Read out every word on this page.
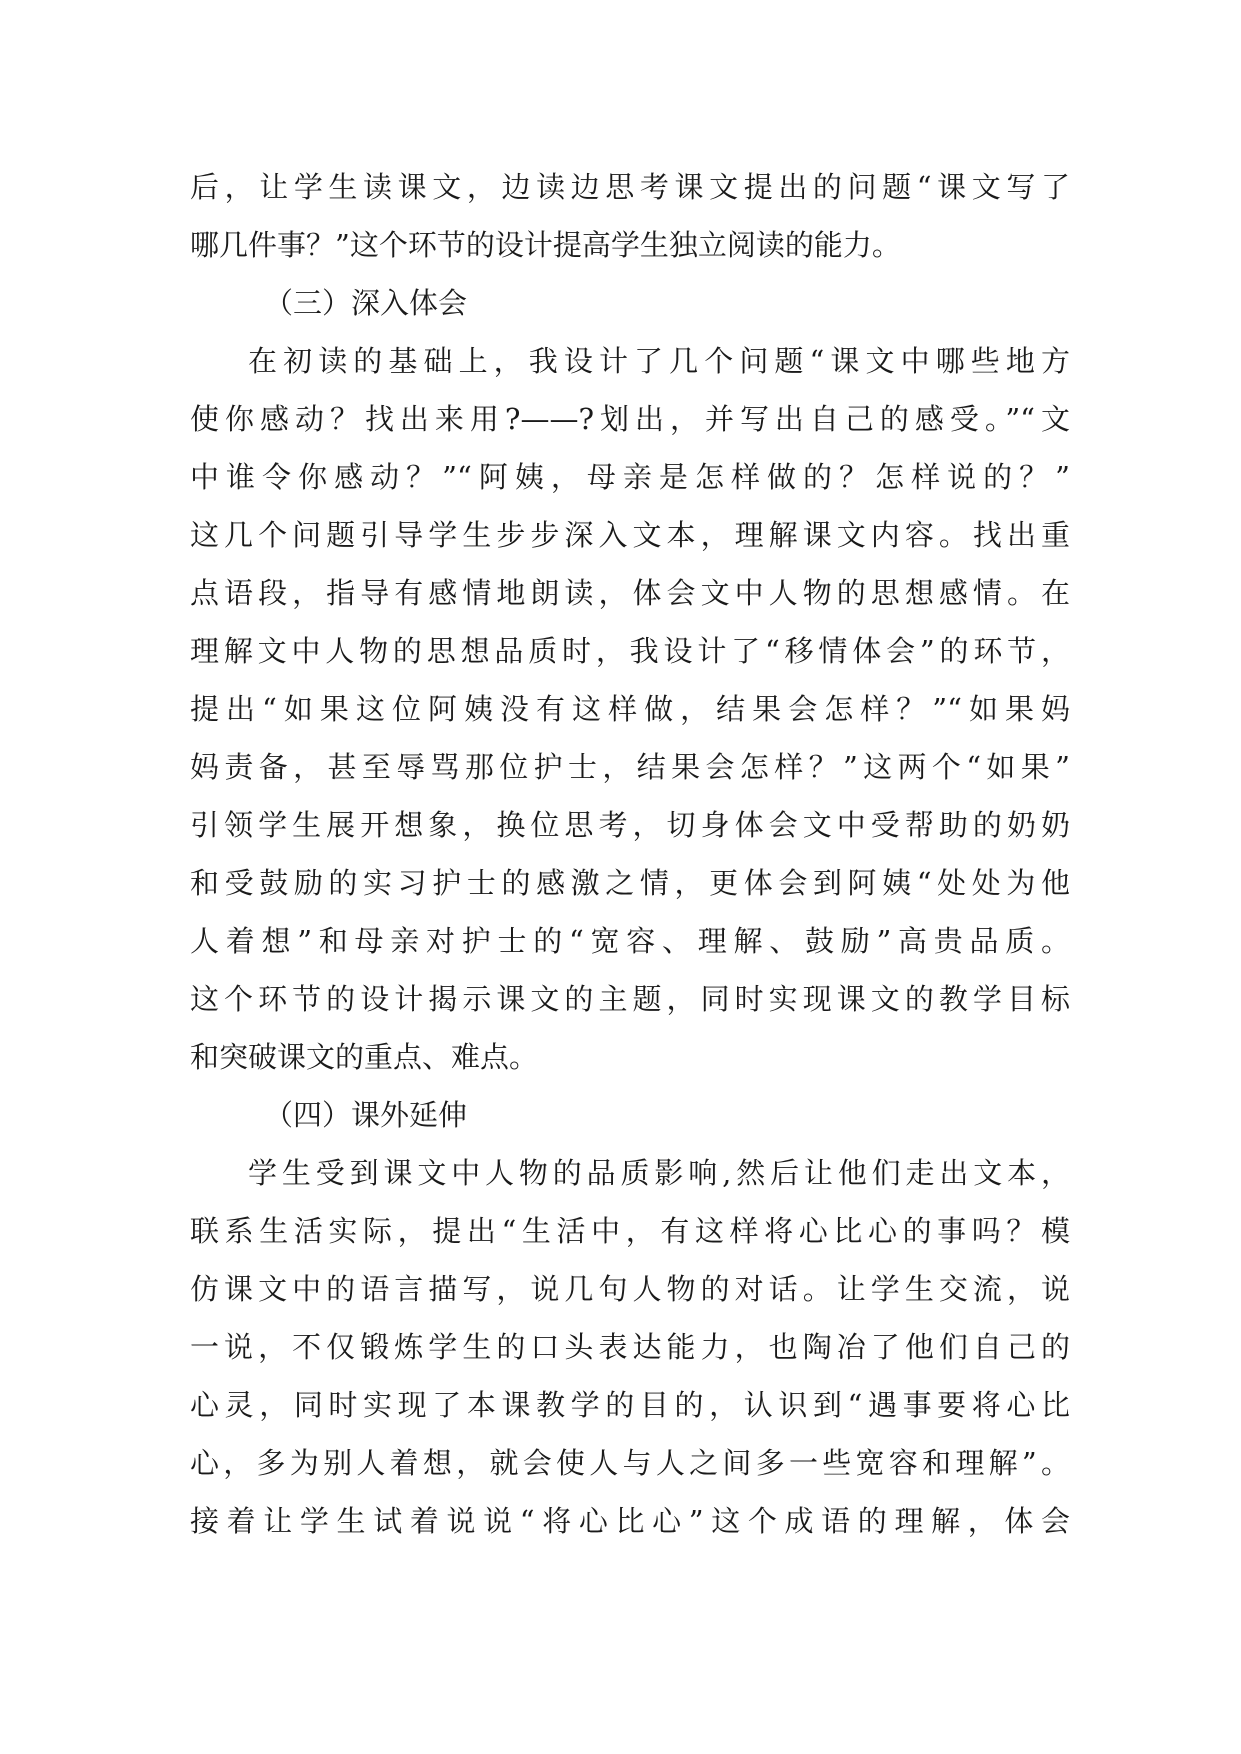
后，让学生读课文，边读边思考课文提出的问题“课文写了
哪几件事？”这个环节的设计提高学生独立阅读的能力。
（三）深入体会
在初读的基础上，我设计了几个问题“课文中哪些地方
使你感动？找出来用?——?划出，并写出自己的感受。”“文
中谁令你感动？”“阿姨，母亲是怎样做的？怎样说的？”
这几个问题引导学生步步深入文本，理解课文内容。找出重
点语段，指导有感情地朗读，体会文中人物的思想感情。在
理解文中人物的思想品质时，我设计了“移情体会”的环节，
提出“如果这位阿姨没有这样做，结果会怎样？”“如果妈
妈责备，甚至辱骂那位护士，结果会怎样？”这两个“如果”
引领学生展开想象，换位思考，切身体会文中受帮助的奶奶
和受鼓励的实习护士的感激之情，更体会到阿姨“处处为他
人着想”和母亲对护士的“宽容、理解、鼓励”高贵品质。
这个环节的设计揭示课文的主题，同时实现课文的教学目标
和突破课文的重点、难点。
（四）课外延伸
学生受到课文中人物的品质影响,然后让他们走出文本，
联系生活实际，提出“生活中，有这样将心比心的事吗？模
仿课文中的语言描写，说几句人物的对话。让学生交流，说
一说，不仅锻炼学生的口头表达能力，也陶冶了他们自己的
心灵，同时实现了本课教学的目的，认识到“遇事要将心比
心，多为别人着想，就会使人与人之间多一些宽容和理解”。
接着让学生试着说说“将心比心”这个成语的理解，体会
